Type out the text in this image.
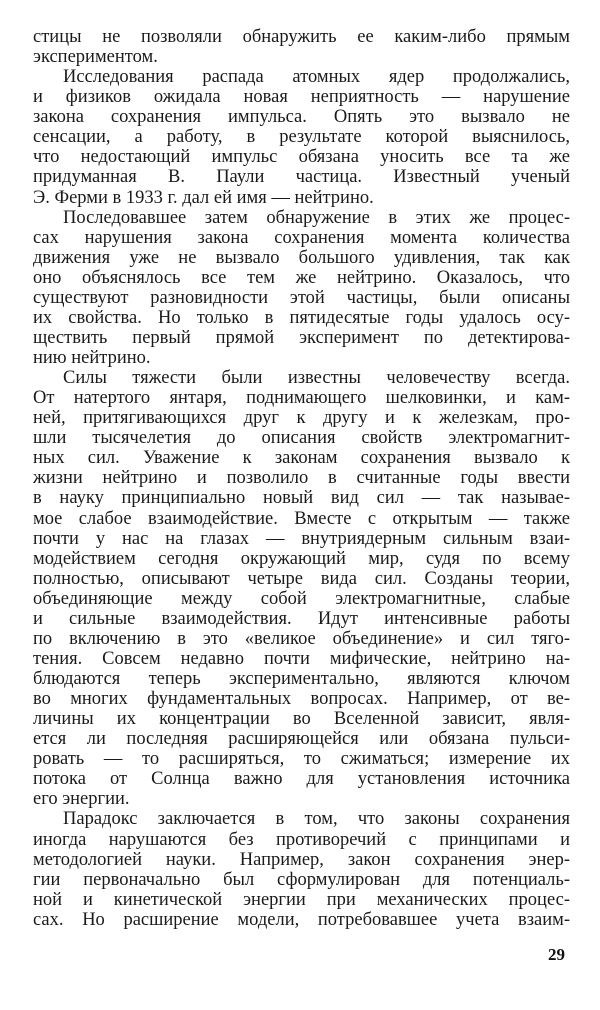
стицы не позволяли обнаружить ее каким-либо прямым
экспериментом.
Исследования распада атомных ядер продолжались,
и физиков ожидала новая неприятность — нарушение
закона сохранения импульса. Опять это вызвало не
сенсации, а работу, в результате которой выяснилось,
что недостающий импульс обязана уносить все та же
придуманная В. Паули частица. Известный ученый
Э. Ферми в 1933 г. дал ей имя — нейтрино.
Последовавшее затем обнаружение в этих же процес-
сах нарушения закона сохранения момента количества
движения уже не вызвало большого удивления, так как
оно объяснялось все тем же нейтрино. Оказалось, что
существуют разновидности этой частицы, были описаны
их свойства. Но только в пятидесятые годы удалось осу-
ществить первый прямой эксперимент по детектирова-
нию нейтрино.
Силы тяжести были известны человечеству всегда.
От натертого янтаря, поднимающего шелковинки, и кам-
ней, притягивающихся друг к другу и к железкам, про-
шли тысячелетия до описания свойств электромагнит-
ных сил. Уважение к законам сохранения вызвало к
жизни нейтрино и позволило в считанные годы ввести
в науку принципиально новый вид сил — так называе-
мое слабое взаимодействие. Вместе с открытым — также
почти у нас на глазах — внутриядерным сильным взаи-
модействием сегодня окружающий мир, судя по всему
полностью, описывают четыре вида сил. Созданы теории,
объединяющие между собой электромагнитные, слабые
и сильные взаимодействия. Идут интенсивные работы
по включению в это «великое объединение» и сил тяго-
тения. Совсем недавно почти мифические, нейтрино на-
блюдаются теперь экспериментально, являются ключом
во многих фундаментальных вопросах. Например, от ве-
личины их концентрации во Вселенной зависит, явля-
ется ли последняя расширяющейся или обязана пульси-
ровать — то расширяться, то сжиматься; измерение их
потока от Солнца важно для установления источника
его энергии.
Парадокс заключается в том, что законы сохранения
иногда нарушаются без противоречий с принципами и
методологией науки. Например, закон сохранения энер-
гии первоначально был сформулирован для потенциаль-
ной и кинетической энергии при механических процес-
сах. Но расширение модели, потребовавшее учета взаим-
29
